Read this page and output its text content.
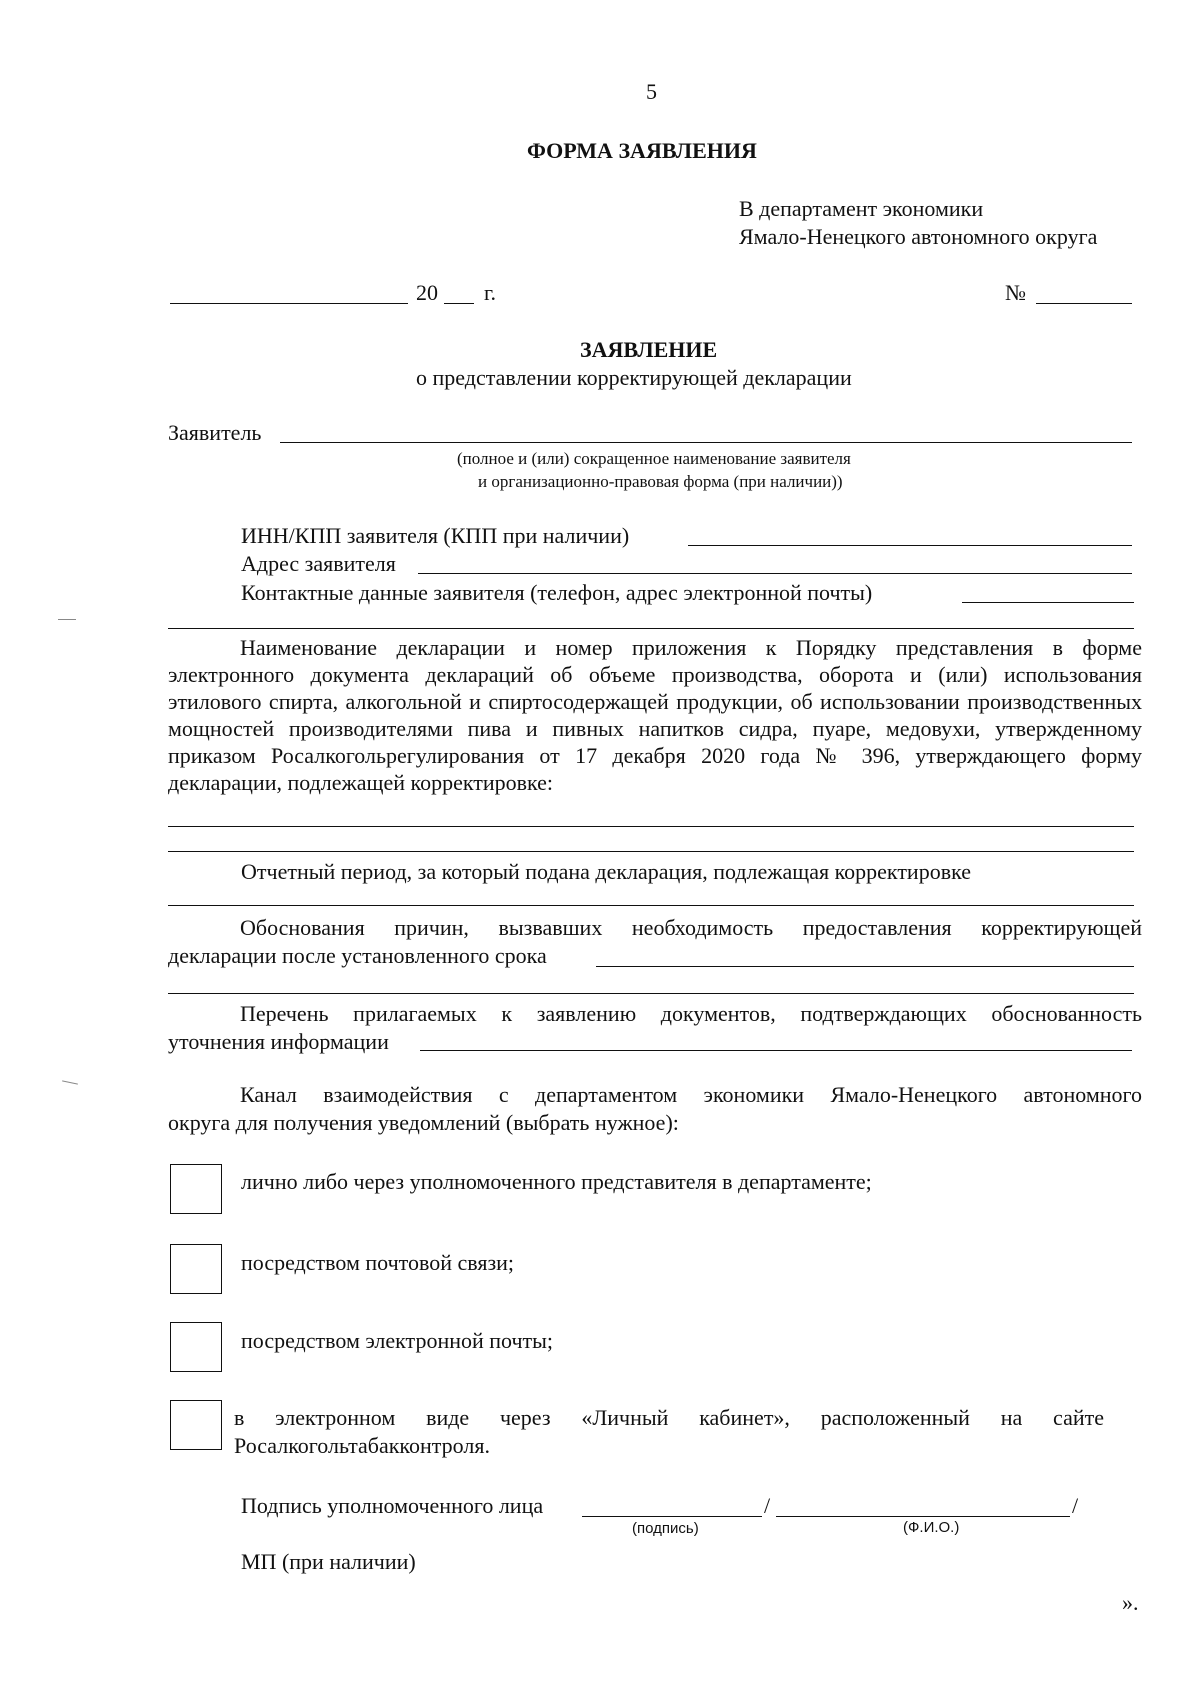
5
ФОРМА ЗАЯВЛЕНИЯ
В департамент экономики
Ямало-Ненецкого автономного округа
20 г.	№
ЗАЯВЛЕНИЕ
о представлении корректирующей декларации
Заявитель
(полное и (или) сокращенное наименование заявителя
и организационно-правовая форма (при наличии))
ИНН/КПП заявителя (КПП при наличии)
Адрес заявителя
Контактные данные заявителя (телефон, адрес электронной почты)
Наименование декларации и номер приложения к Порядку представления в форме электронного документа деклараций об объеме производства, оборота и (или) использования этилового спирта, алкогольной и спиртосодержащей продукции, об использовании производственных мощностей производителями пива и пивных напитков сидра, пуаре, медовухи, утвержденному приказом Росалкогольрегулирования от 17 декабря 2020 года № 396, утверждающего форму декларации, подлежащей корректировке:
Отчетный период, за который подана декларация, подлежащая корректировке
Обоснования причин, вызвавших необходимость предоставления корректирующей
декларации после установленного срока
Перечень прилагаемых к заявлению документов, подтверждающих обоснованность
уточнения информации
Канал взаимодействия с департаментом экономики Ямало-Ненецкого автономного
округа для получения уведомлений (выбрать нужное):
лично либо через уполномоченного представителя в департаменте;
посредством почтовой связи;
посредством электронной почты;
в электронном виде через «Личный кабинет», расположенный на сайте
Росалкогольтабакконтроля.
Подпись уполномоченного лица	/	/
(подпись)	(Ф.И.О.)
МП (при наличии)
».
